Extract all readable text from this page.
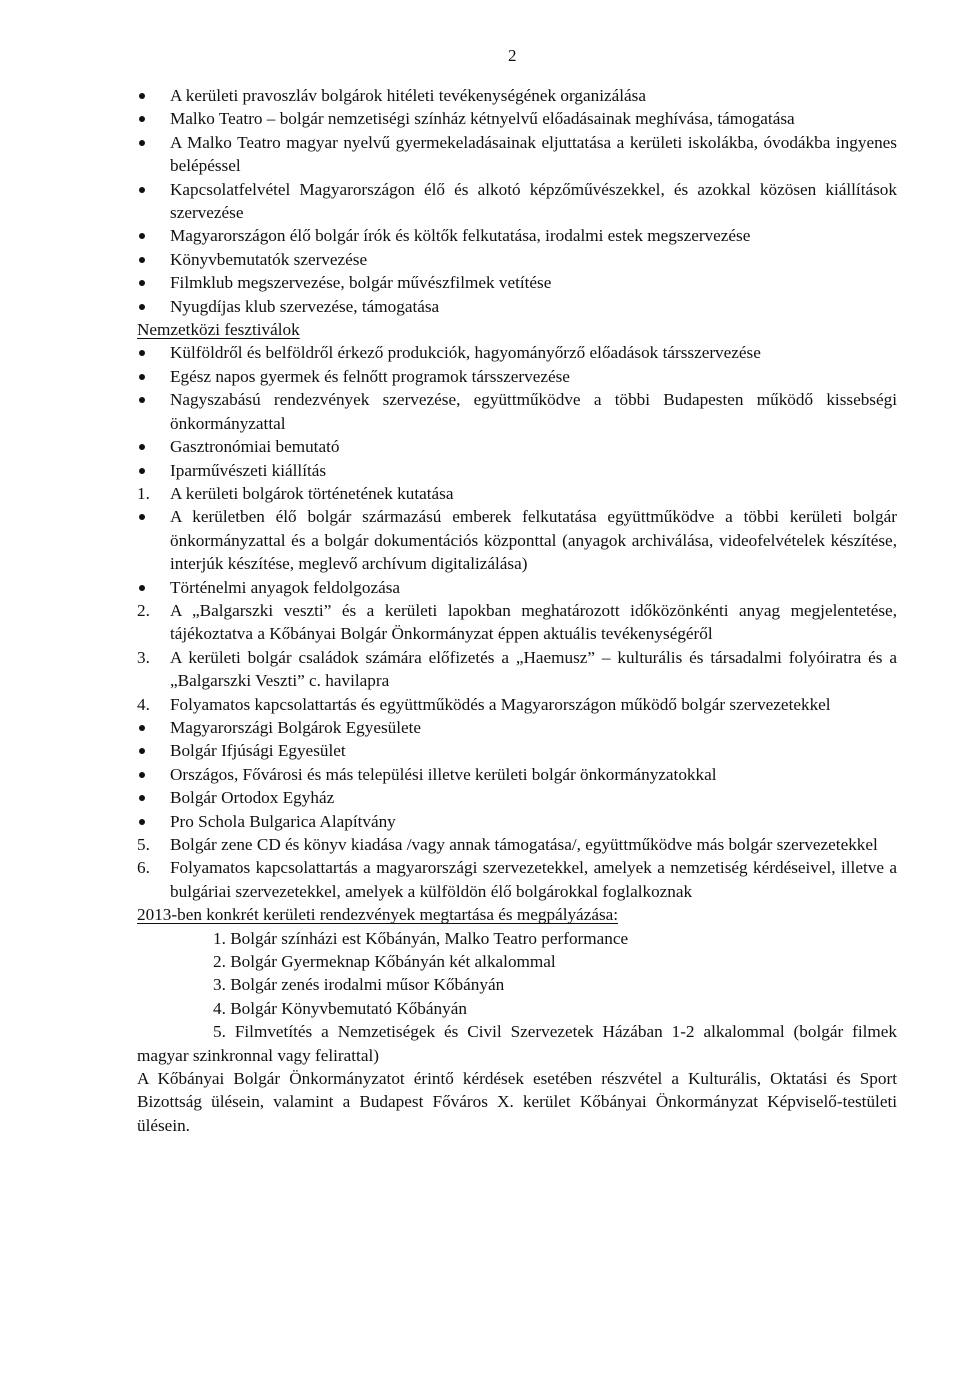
2
A kerületi pravoszláv bolgárok hitéleti tevékenységének organizálása
Malko Teatro – bolgár nemzetiségi színház kétnyelvű előadásainak meghívása, támogatása
A Malko Teatro magyar nyelvű gyermekeladásainak eljuttatása a kerületi iskolákba, óvodákba ingyenes belépéssel
Kapcsolatfelvétel Magyarországon élő és alkotó képzőművészekkel, és azokkal közösen kiállítások szervezése
Magyarországon élő bolgár írók és költők felkutatása, irodalmi estek megszervezése
Könyvbemutatók szervezése
Filmklub megszervezése, bolgár művészfilmek vetítése
Nyugdíjas klub szervezése, támogatása
Nemzetközi fesztiválok
Külföldről és belföldről érkező produkciók, hagyományőrző előadások társszervezése
Egész napos gyermek és felnőtt programok társszervezése
Nagyszabású rendezvények szervezése, együttműködve a többi Budapesten működő kissebségi önkormányzattal
Gasztronómiai bemutató
Iparművészeti kiállítás
1. A kerületi bolgárok történetének kutatása
A kerületben élő bolgár származású emberek felkutatása együttműködve a többi kerületi bolgár önkormányzattal és a bolgár dokumentációs központtal (anyagok archiválása, videofelvételek készítése, interjúk készítése, meglevő archívum digitalizálása)
Történelmi anyagok feldolgozása
2. A „Balgarszki veszti” és a kerületi lapokban meghatározott időközönkénti anyag megjelentetése, tájékoztatva a Kőbányai Bolgár Önkormányzat éppen aktuális tevékenységéről
3. A kerületi bolgár családok számára előfizetés a „Haemusz” – kulturális és társadalmi folyóiratra és a „Balgarszki Veszti” c. havilapra
4. Folyamatos kapcsolattartás és együttműködés a Magyarországon működő bolgár szervezetekkel
Magyarországi Bolgárok Egyesülete
Bolgár Ifjúsági Egyesület
Országos, Fővárosi és más települési illetve kerületi bolgár önkormányzatokkal
Bolgár Ortodox Egyház
Pro Schola Bulgarica Alapítvány
5. Bolgár zene CD és könyv kiadása /vagy annak támogatása/, együttműködve más bolgár szervezetekkel
6. Folyamatos kapcsolattartás a magyarországi szervezetekkel, amelyek a nemzetiség kérdéseivel, illetve a bulgáriai szervezetekkel, amelyek a külföldön élő bolgárokkal foglalkoznak
2013-ben konkrét kerületi rendezvények megtartása és megpályázása:
1. Bolgár színházi est Kőbányán, Malko Teatro performance
2. Bolgár Gyermeknap Kőbányán két alkalommal
3. Bolgár zenés irodalmi műsor Kőbányán
4. Bolgár Könyvbemutató Kőbányán
5. Filmvetítés a Nemzetiségek és Civil Szervezetek Házában 1-2 alkalommal (bolgár filmek magyar szinkronnal vagy felirattal)
A Kőbányai Bolgár Önkormányzatot érintő kérdések esetében részvétel a Kulturális, Oktatási és Sport Bizottság ülésein, valamint a Budapest Főváros X. kerület Kőbányai Önkormányzat Képviselő-testületi ülésein.
